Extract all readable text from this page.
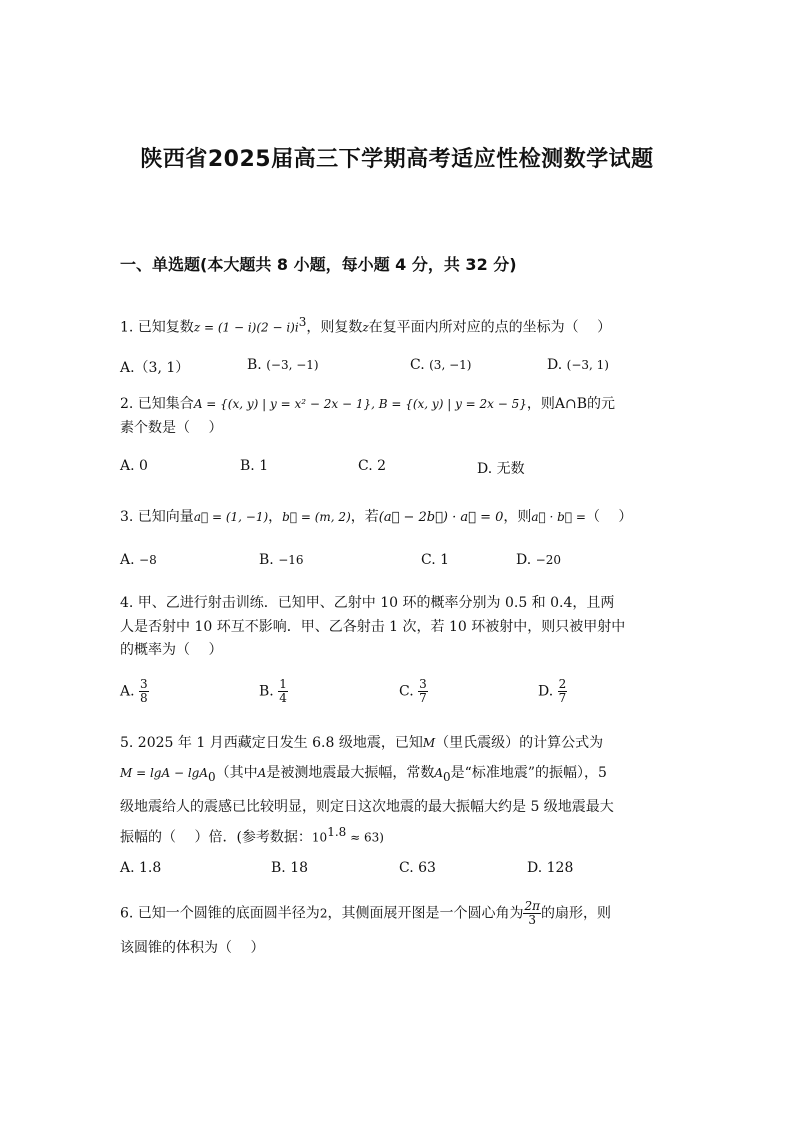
陕西省2025届高三下学期高考适应性检测数学试题
一、单选题(本大题共 8 小题，每小题 4 分，共 32 分)
1. 已知复数$z = (1 - i)(2 - i)i^3$，则复数z在复平面内所对应的点的坐标为（　 ）
A.（3, 1）	B. (−3, −1)	C. (3, −1)	D. (−3, 1)
2. 已知集合A = {(x, y) | y = x² − 2x − 1}, B = {(x, y) | y = 2x − 5}，则A∩B的元
素个数是（　 ）
A. 0	B. 1	C. 2	D. 无数
3. 已知向量a⃗ = (1, −1)，b⃗ = (m, 2)，若(a⃗ − 2b⃗) · a⃗ = 0，则a⃗ · b⃗ =（　 ）
A. −8	B. −16	C. 1	D. −20
4. 甲、乙进行射击训练．已知甲、乙射中 10 环的概率分别为 0.5 和 0.4，且两
人是否射中 10 环互不影响．甲、乙各射击 1 次，若 10 环被射中，则只被甲射中
的概率为（　 ）
A. $\frac{3}{8}$	B. $\frac{1}{4}$	C. $\frac{3}{7}$	D. $\frac{2}{7}$
5. 2025 年 1 月西藏定日发生 6.8 级地震，已知M（里氏震级）的计算公式为
M = lgA − lgA$_0$（其中A是被测地震最大振幅，常数$A_0$是“标准地震”的振幅），5
级地震给人的震感已比较明显，则定日这次地震的最大振幅大约是 5 级地震最大
振幅的（　 ）倍．(参考数据：$10^{1.8} \approx 63$)
A. 1.8	B. 18	C. 63	D. 128
6. 已知一个圆锥的底面圆半径为2，其侧面展开图是一个圆心角为 $\frac{2\pi}{3}$ 的扇形，则
该圆锥的体积为（　 ）
